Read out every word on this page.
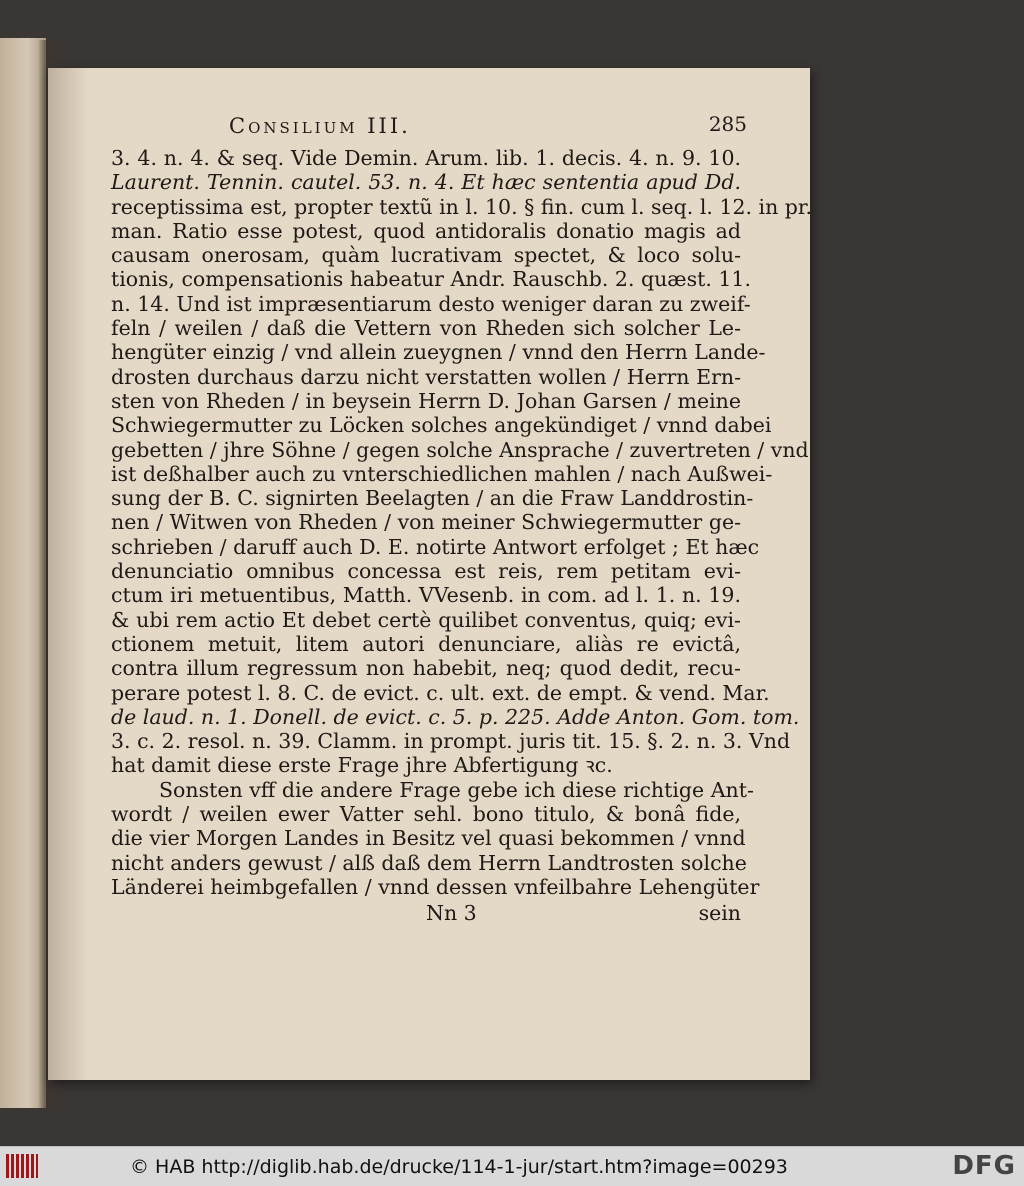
Consilium III.	285
3. 4. n. 4. & seq. Vide Demin. Arum. lib. 1. decis. 4. n. 9. 10.
Laurent. Tennin. cautel. 53. n. 4. Et hæc sententia apud Dd.
receptissima est, propter textũ in l. 10. § fin. cum l. seq. l. 12. in pr.
man. Ratio esse potest, quod antidoralis donatio magis ad
causam onerosam, quàm lucrativam spectet, & loco solu-
tionis, compensationis habeatur Andr. Rauschb. 2. quæst. 11.
n. 14. Und ist impræsentiarum desto weniger daran zu zweif-
feln / weilen / daß die Vettern von Rheden sich solcher Le-
hengüter einzig / vnd allein zueygnen / vnnd den Herrn Lande-
drosten durchaus darzu nicht verstatten wollen / Herrn Ern-
sten von Rheden / in beysein Herrn D. Johan Garsen / meine
Schwiegermutter zu Löcken solches angekündiget / vnnd dabei
gebetten / jhre Söhne / gegen solche Ansprache / zuvertreten / vnd
ist deßhalber auch zu vnterschiedlichen mahlen / nach Außwei-
sung der B. C. signirten Beelagten / an die Fraw Landdrostin-
nen / Witwen von Rheden / von meiner Schwiegermutter ge-
schrieben / daruff auch D. E. notirte Antwort erfolget ; Et hæc
denunciatio omnibus concessa est reis, rem petitam evi-
ctum iri metuentibus, Matth. VVesenb. in com. ad l. 1. n. 19.
& ubi rem actio Et debet certè quilibet conventus, quiq; evi-
ctionem metuit, litem autori denunciare, aliàs re evictâ,
contra illum regressum non habebit, neq; quod dedit, recu-
perare potest l. 8. C. de evict. c. ult. ext. de empt. & vend. Mar.
de laud. n. 1. Donell. de evict. c. 5. p. 225. Adde Anton. Gom. tom.
3. c. 2. resol. n. 39. Clamm. in prompt. juris tit. 15. §. 2. n. 3. Vnd
hat damit diese erste Frage jhre Abfertigung ꝛc.
Sonsten vff die andere Frage gebe ich diese richtige Ant-
wordt / weilen ewer Vatter sehl. bono titulo, & bonâ fide,
die vier Morgen Landes in Besitz vel quasi bekommen / vnnd
nicht anders gewust / alß daß dem Herrn Landtrosten solche
Länderei heimbgefallen / vnnd dessen vnfeilbahre Lehengüter
Nn 3	sein
© HAB http://diglib.hab.de/drucke/114-1-jur/start.htm?image=00293	DFG
